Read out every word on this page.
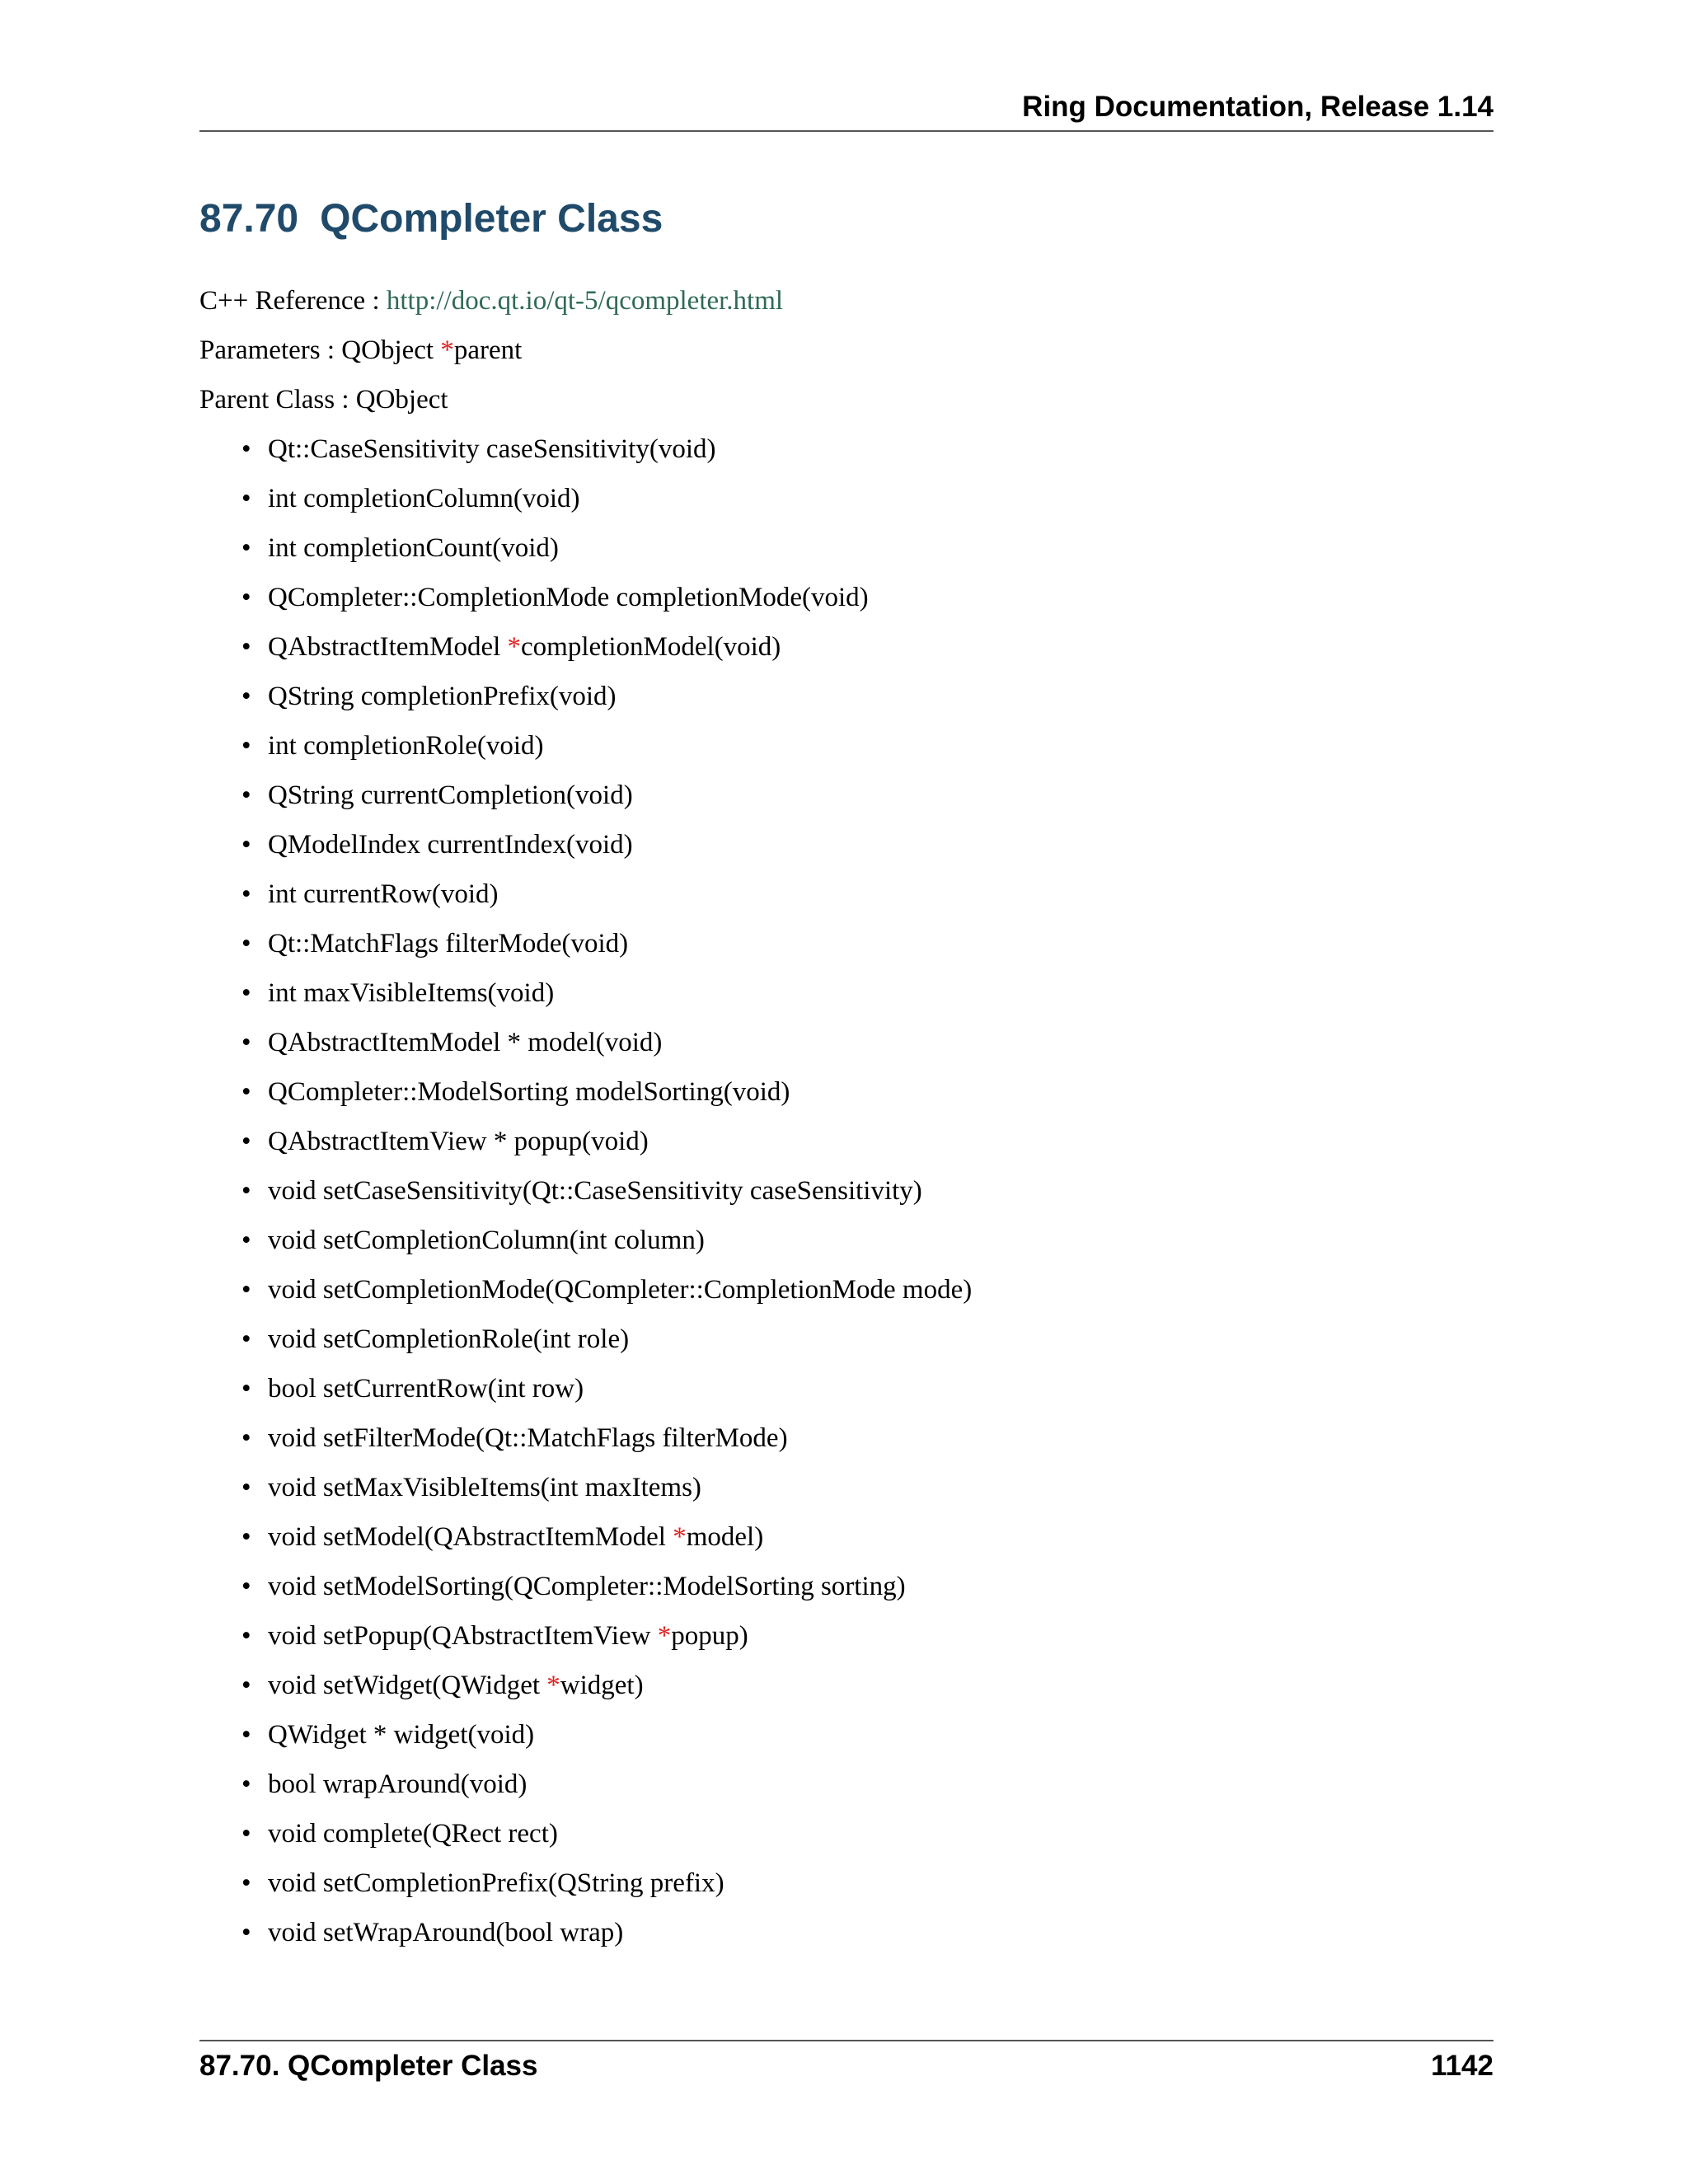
Ring Documentation, Release 1.14
87.70 QCompleter Class
C++ Reference : http://doc.qt.io/qt-5/qcompleter.html
Parameters : QObject *parent
Parent Class : QObject
• Qt::CaseSensitivity caseSensitivity(void)
• int completionColumn(void)
• int completionCount(void)
• QCompleter::CompletionMode completionMode(void)
• QAbstractItemModel *completionModel(void)
• QString completionPrefix(void)
• int completionRole(void)
• QString currentCompletion(void)
• QModelIndex currentIndex(void)
• int currentRow(void)
• Qt::MatchFlags filterMode(void)
• int maxVisibleItems(void)
• QAbstractItemModel * model(void)
• QCompleter::ModelSorting modelSorting(void)
• QAbstractItemView * popup(void)
• void setCaseSensitivity(Qt::CaseSensitivity caseSensitivity)
• void setCompletionColumn(int column)
• void setCompletionMode(QCompleter::CompletionMode mode)
• void setCompletionRole(int role)
• bool setCurrentRow(int row)
• void setFilterMode(Qt::MatchFlags filterMode)
• void setMaxVisibleItems(int maxItems)
• void setModel(QAbstractItemModel *model)
• void setModelSorting(QCompleter::ModelSorting sorting)
• void setPopup(QAbstractItemView *popup)
• void setWidget(QWidget *widget)
• QWidget * widget(void)
• bool wrapAround(void)
• void complete(QRect rect)
• void setCompletionPrefix(QString prefix)
• void setWrapAround(bool wrap)
87.70. QCompleter Class	1142
